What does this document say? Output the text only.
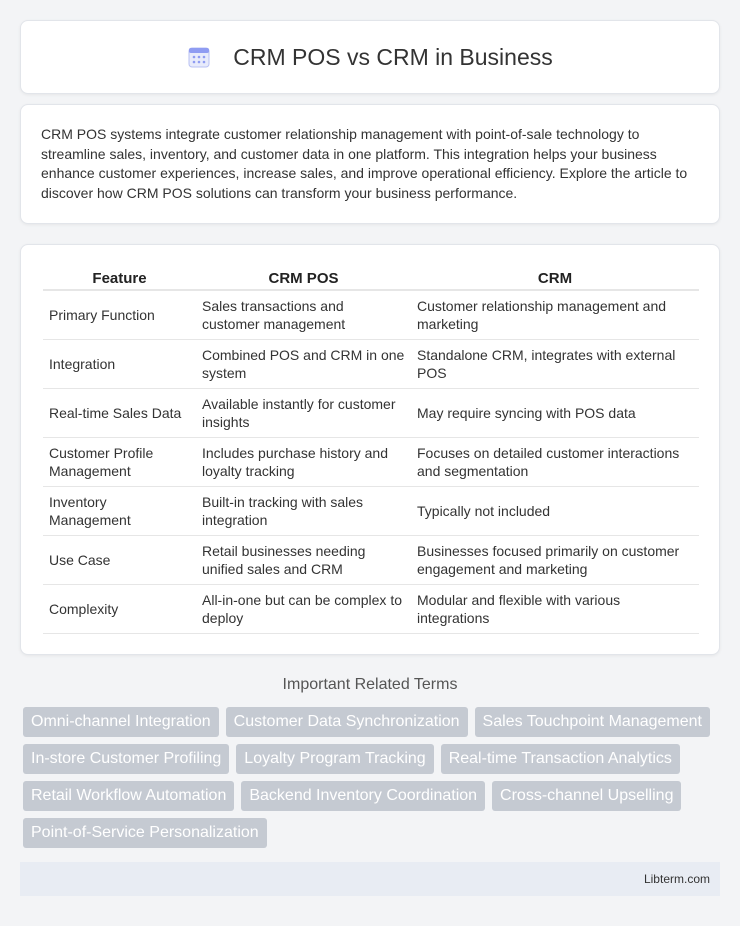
CRM POS vs CRM in Business

CRM POS systems integrate customer relationship management with point-of-sale technology to streamline sales, inventory, and customer data in one platform. This integration helps your business enhance customer experiences, increase sales, and improve operational efficiency. Explore the article to discover how CRM POS solutions can transform your business performance.

Feature	CRM POS	CRM
Primary Function	Sales transactions and customer management	Customer relationship management and marketing
Integration	Combined POS and CRM in one system	Standalone CRM, integrates with external POS
Real-time Sales Data	Available instantly for customer insights	May require syncing with POS data
Customer Profile Management	Includes purchase history and loyalty tracking	Focuses on detailed customer interactions and segmentation
Inventory Management	Built-in tracking with sales integration	Typically not included
Use Case	Retail businesses needing unified sales and CRM	Businesses focused primarily on customer engagement and marketing
Complexity	All-in-one but can be complex to deploy	Modular and flexible with various integrations
Important Related Terms
Omni-channel Integration	Customer Data Synchronization	Sales Touchpoint Management
In-store Customer Profiling	Loyalty Program Tracking	Real-time Transaction Analytics
Retail Workflow Automation	Backend Inventory Coordination	Cross-channel Upselling
Point-of-Service Personalization
Libterm.com
